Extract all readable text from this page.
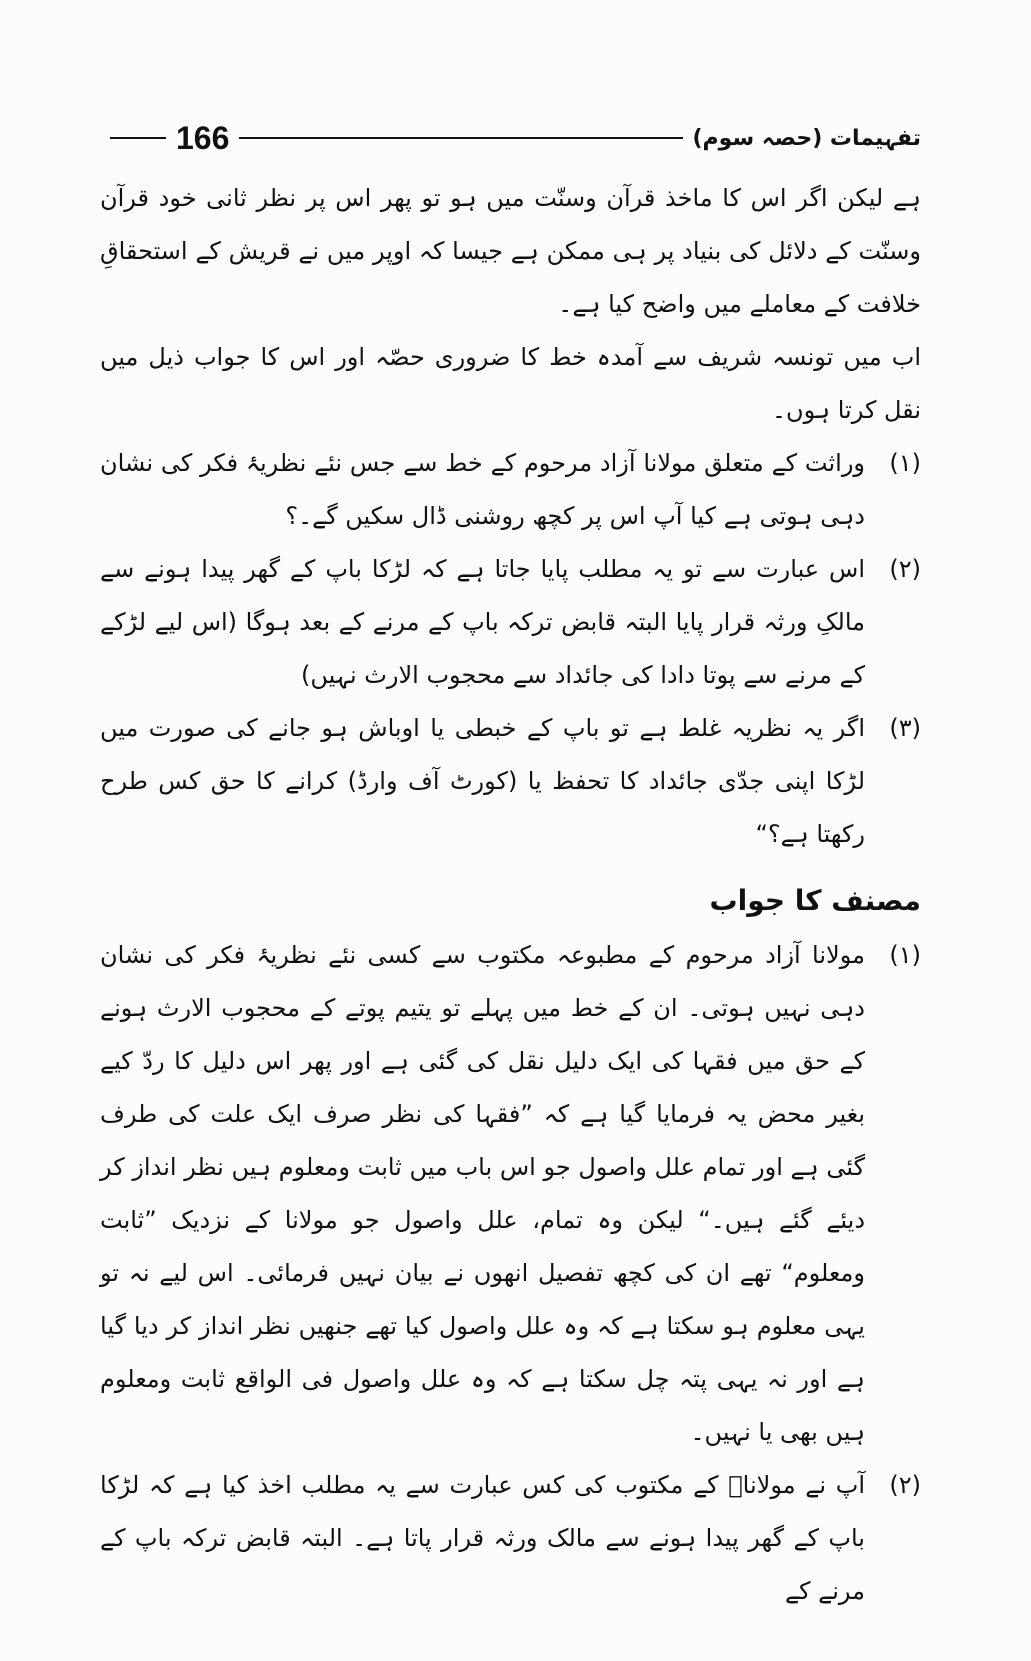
تفہیمات (حصہ سوم)
166

ہے لیکن اگر اس کا ماخذ قرآن وسنّت میں ہو تو پھر اس پر نظر ثانی خود قرآن وسنّت کے دلائل کی بنیاد پر ہی ممکن ہے جیسا کہ اوپر میں نے قریش کے استحقاقِ خلافت کے معاملے میں واضح کیا ہے۔

اب میں تونسہ شریف سے آمدہ خط کا ضروری حصّہ اور اس کا جواب ذیل میں نقل کرتا ہوں۔

(۱)
وراثت کے متعلق مولانا آزاد مرحوم کے خط سے جس نئے نظریۂ فکر کی نشان دہی ہوتی ہے کیا آپ اس پر کچھ روشنی ڈال سکیں گے۔؟
(۲)
اس عبارت سے تو یہ مطلب پایا جاتا ہے کہ لڑکا باپ کے گھر پیدا ہونے سے مالکِ ورثہ قرار پایا البتہ قابض ترکہ باپ کے مرنے کے بعد ہوگا (اس لیے لڑکے کے مرنے سے پوتا دادا کی جائداد سے محجوب الارث نہیں)
(۳)
اگر یہ نظریہ غلط ہے تو باپ کے خبطی یا اوباش ہو جانے کی صورت میں لڑکا اپنی جدّی جائداد کا تحفظ یا (کورٹ آف وارڈ) کرانے کا حق کس طرح رکھتا ہے؟“
مصنف کا جواب
(۱)
مولانا آزاد مرحوم کے مطبوعہ مکتوب سے کسی نئے نظریۂ فکر کی نشان دہی نہیں ہوتی۔ ان کے خط میں پہلے تو یتیم پوتے کے محجوب الارث ہونے کے حق میں فقہا کی ایک دلیل نقل کی گئی ہے اور پھر اس دلیل کا ردّ کیے بغیر محض یہ فرمایا گیا ہے کہ ”فقہا کی نظر صرف ایک علت کی طرف گئی ہے اور تمام علل واصول جو اس باب میں ثابت ومعلوم ہیں نظر انداز کر دیئے گئے ہیں۔“ لیکن وہ تمام، علل واصول جو مولانا کے نزدیک ”ثابت ومعلوم“ تھے ان کی کچھ تفصیل انھوں نے بیان نہیں فرمائی۔ اس لیے نہ تو یہی معلوم ہو سکتا ہے کہ وہ علل واصول کیا تھے جنھیں نظر انداز کر دیا گیا ہے اور نہ یہی پتہ چل سکتا ہے کہ وہ علل واصول فی الواقع ثابت ومعلوم ہیں بھی یا نہیں۔
(۲)
آپ نے مولاناؒ کے مکتوب کی کس عبارت سے یہ مطلب اخذ کیا ہے کہ لڑکا باپ کے گھر پیدا ہونے سے مالک ورثہ قرار پاتا ہے۔ البتہ قابض ترکہ باپ کے مرنے کے
